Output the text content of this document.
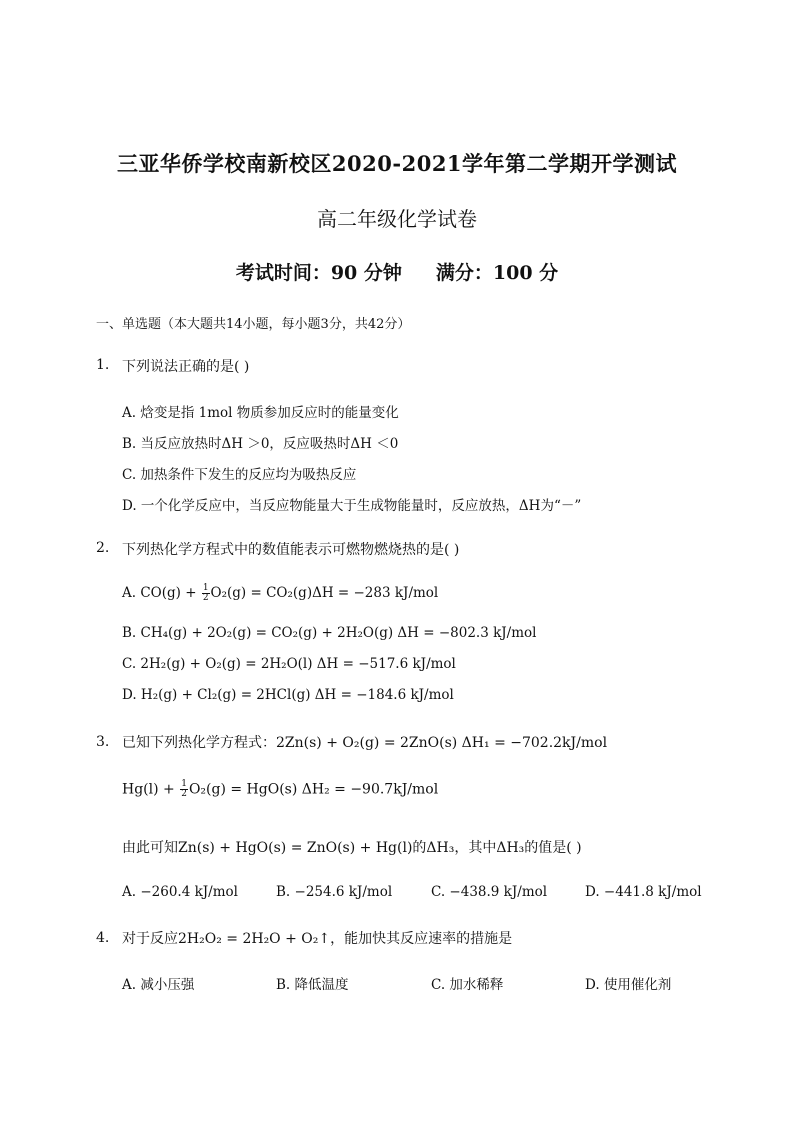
三亚华侨学校南新校区2020-2021学年第二学期开学测试
高二年级化学试卷
考试时间：90 分钟 满分：100 分
一、单选题（本大题共14小题，每小题3分，共42分）
1. 下列说法正确的是( )
A. 焓变是指 1mol 物质参加反应时的能量变化
B. 当反应放热时ΔH ＞0，反应吸热时ΔH ＜0
C. 加热条件下发生的反应均为吸热反应
D. 一个化学反应中，当反应物能量大于生成物能量时，反应放热，ΔH为“－”
2. 下列热化学方程式中的数值能表示可燃物燃烧热的是( )
A. $CO(g) + \frac{1}{2} O_2(g) = CO_2(g)\Delta H = -283$ kJ/mol
B. CH₄(g) + 2O₂(g) = CO₂(g) + 2H₂O(g) ΔH = −802.3 kJ/mol
C. 2H₂(g) + O₂(g) = 2H₂O(l) ΔH = −517.6 kJ/mol
D. H₂(g) + Cl₂(g) = 2HCl(g) ΔH = −184.6 kJ/mol
3. 已知下列热化学方程式：2Zn(s) + O₂(g) = 2ZnO(s) ΔH₁ = −702.2kJ/mol
$Hg(l) + \frac{1}{2} O_2(g) = HgO(s) \Delta H_2 = -90.7kJ/mol$
由此可知Zn(s) + HgO(s) = ZnO(s) + Hg(l)的ΔH₃，其中ΔH₃的值是( )
A. −260.4 kJ/mol	B. −254.6 kJ/mol	C. −438.9 kJ/mol	D. −441.8 kJ/mol
4. 对于反应2H₂O₂ = 2H₂O + O₂↑，能加快其反应速率的措施是
A. 减小压强	B. 降低温度	C. 加水稀释	D. 使用催化剂
